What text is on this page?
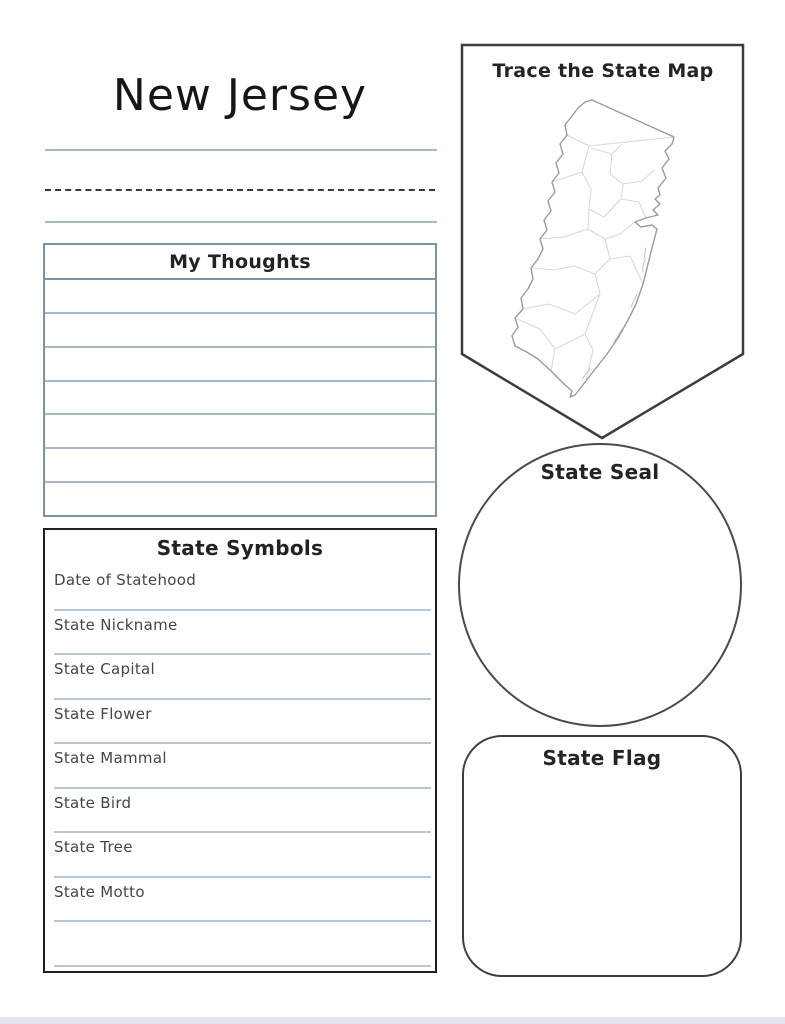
New Jersey
My Thoughts
State Symbols
Date of Statehood
State Nickname
State Capital
State Flower
State Mammal
State Bird
State Tree
State Motto
Trace the State Map
State Seal
State Flag
